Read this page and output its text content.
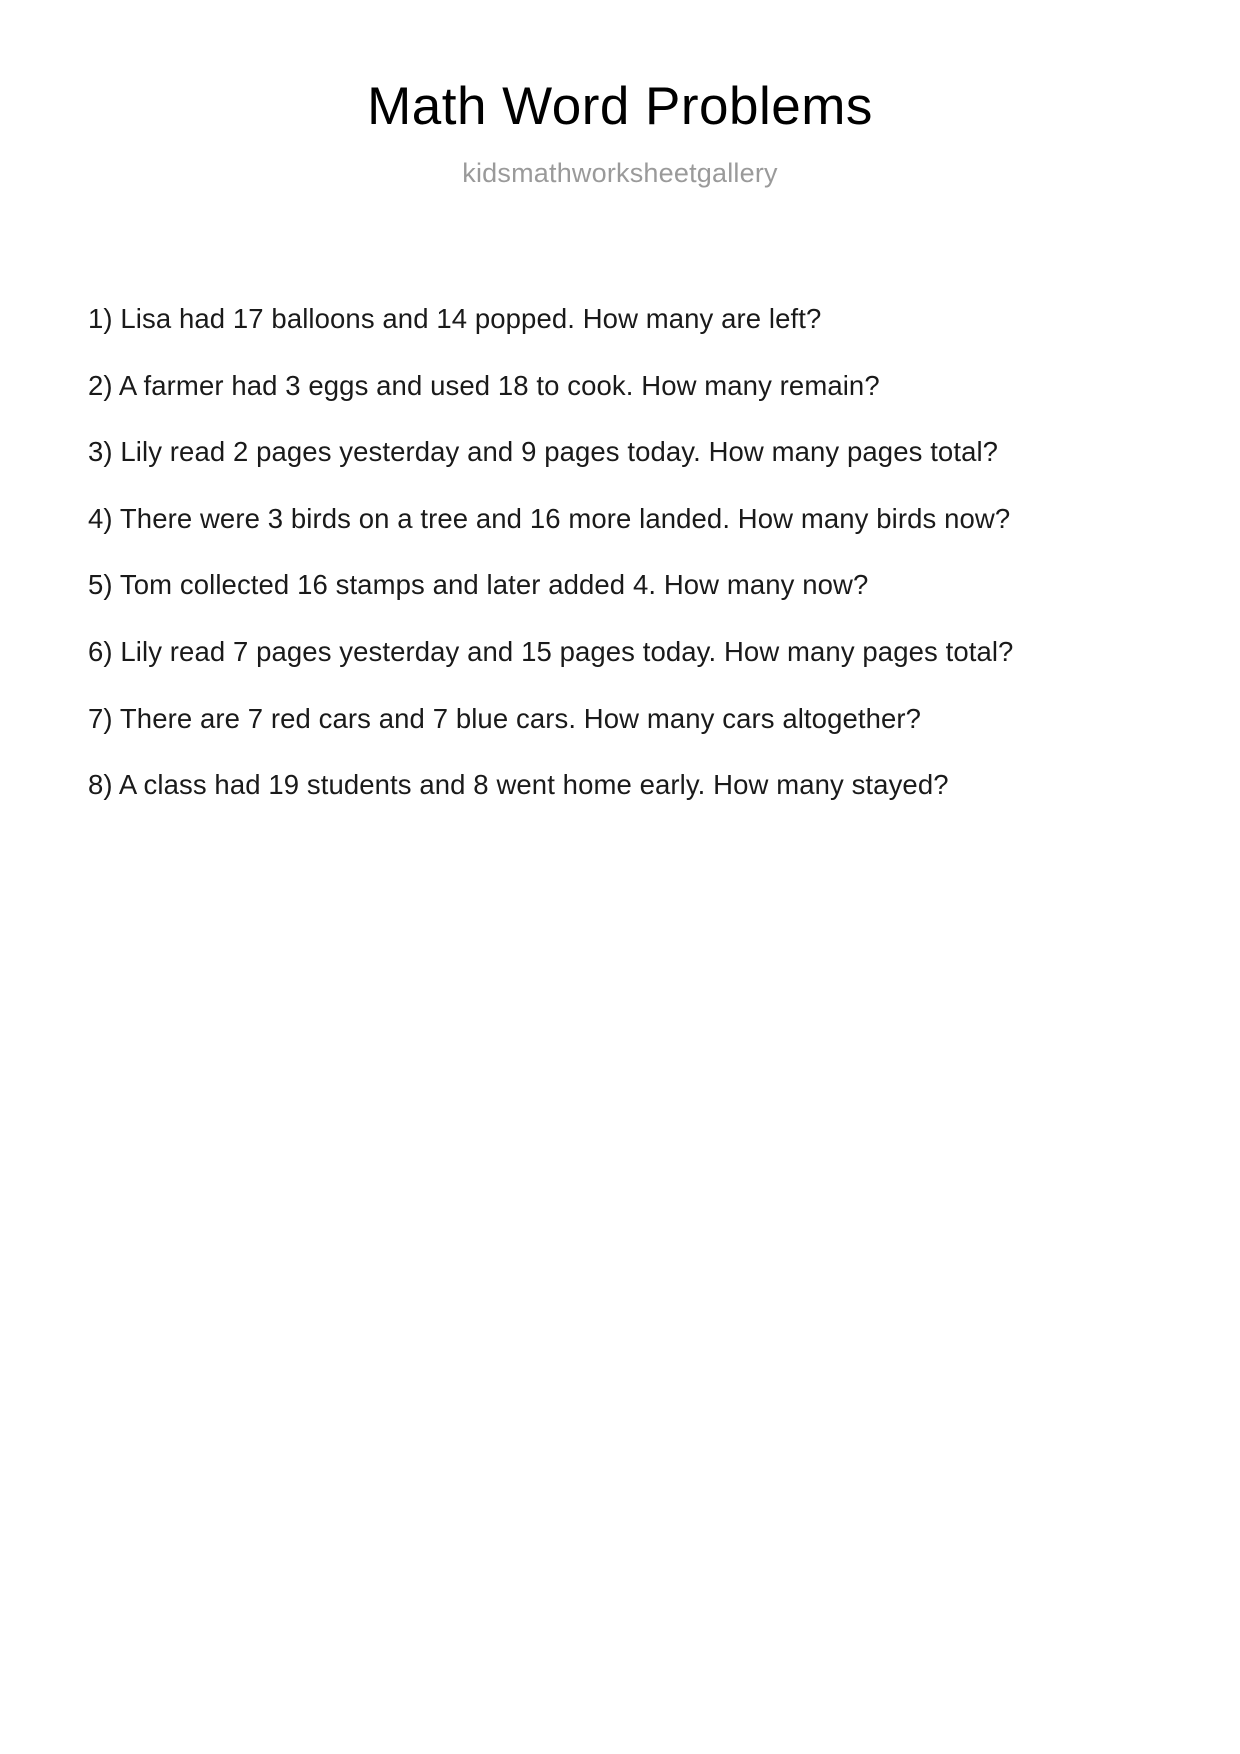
Math Word Problems
kidsmathworksheetgallery

1) Lisa had 17 balloons and 14 popped. How many are left?

2) A farmer had 3 eggs and used 18 to cook. How many remain?

3) Lily read 2 pages yesterday and 9 pages today. How many pages total?

4) There were 3 birds on a tree and 16 more landed. How many birds now?

5) Tom collected 16 stamps and later added 4. How many now?

6) Lily read 7 pages yesterday and 15 pages today. How many pages total?

7) There are 7 red cars and 7 blue cars. How many cars altogether?

8) A class had 19 students and 8 went home early. How many stayed?
